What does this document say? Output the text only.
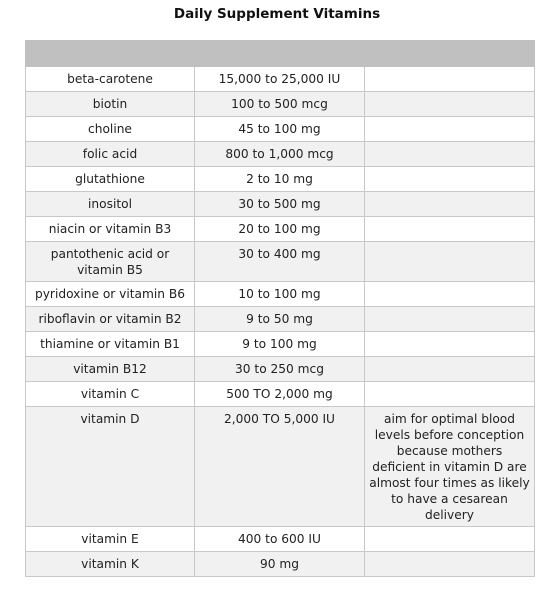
Daily Supplement Vitamins

beta-carotene	15,000 to 25,000 IU	
biotin	100 to 500 mcg	
choline	45 to 100 mg	
folic acid	800 to 1,000 mcg	
glutathione	2 to 10 mg	
inositol	30 to 500 mg	
niacin or vitamin B3	20 to 100 mg	
pantothenic acid or vitamin B5	30 to 400 mg	
pyridoxine or vitamin B6	10 to 100 mg	
riboflavin or vitamin B2	9 to 50 mg	
thiamine or vitamin B1	9 to 100 mg	
vitamin B12	30 to 250 mcg	
vitamin C	500 TO 2,000 mg	
vitamin D	2,000 TO 5,000 IU	aim for optimal blood levels before conception because mothers deficient in vitamin D are almost four times as likely to have a cesarean delivery
vitamin E	400 to 600 IU	
vitamin K	90 mg	
